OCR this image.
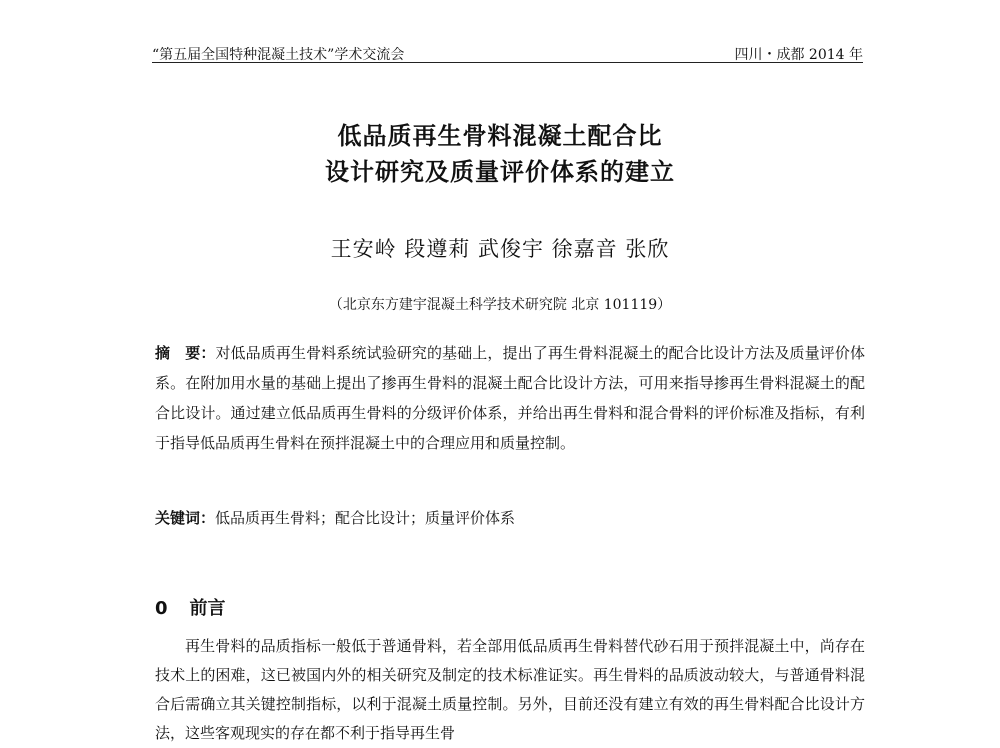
“第五届全国特种混凝土技术”学术交流会	四川・成都 2014 年
低品质再生骨料混凝土配合比
设计研究及质量评价体系的建立
王安岭 段遵莉 武俊宇 徐嘉音 张欣
（北京东方建宇混凝土科学技术研究院 北京 101119）
摘　要：对低品质再生骨料系统试验研究的基础上，提出了再生骨料混凝土的配合比设计方法及质量评价体系。在附加用水量的基础上提出了掺再生骨料的混凝土配合比设计方法，可用来指导掺再生骨料混凝土的配合比设计。通过建立低品质再生骨料的分级评价体系，并给出再生骨料和混合骨料的评价标准及指标，有利于指导低品质再生骨料在预拌混凝土中的合理应用和质量控制。
关键词：低品质再生骨料；配合比设计；质量评价体系
0 前言
再生骨料的品质指标一般低于普通骨料，若全部用低品质再生骨料替代砂石用于预拌混凝土中，尚存在技术上的困难，这已被国内外的相关研究及制定的技术标准证实。再生骨料的品质波动较大，与普通骨料混合后需确立其关键控制指标，以利于混凝土质量控制。另外，目前还没有建立有效的再生骨料配合比设计方法，这些客观现实的存在都不利于指导再生骨
